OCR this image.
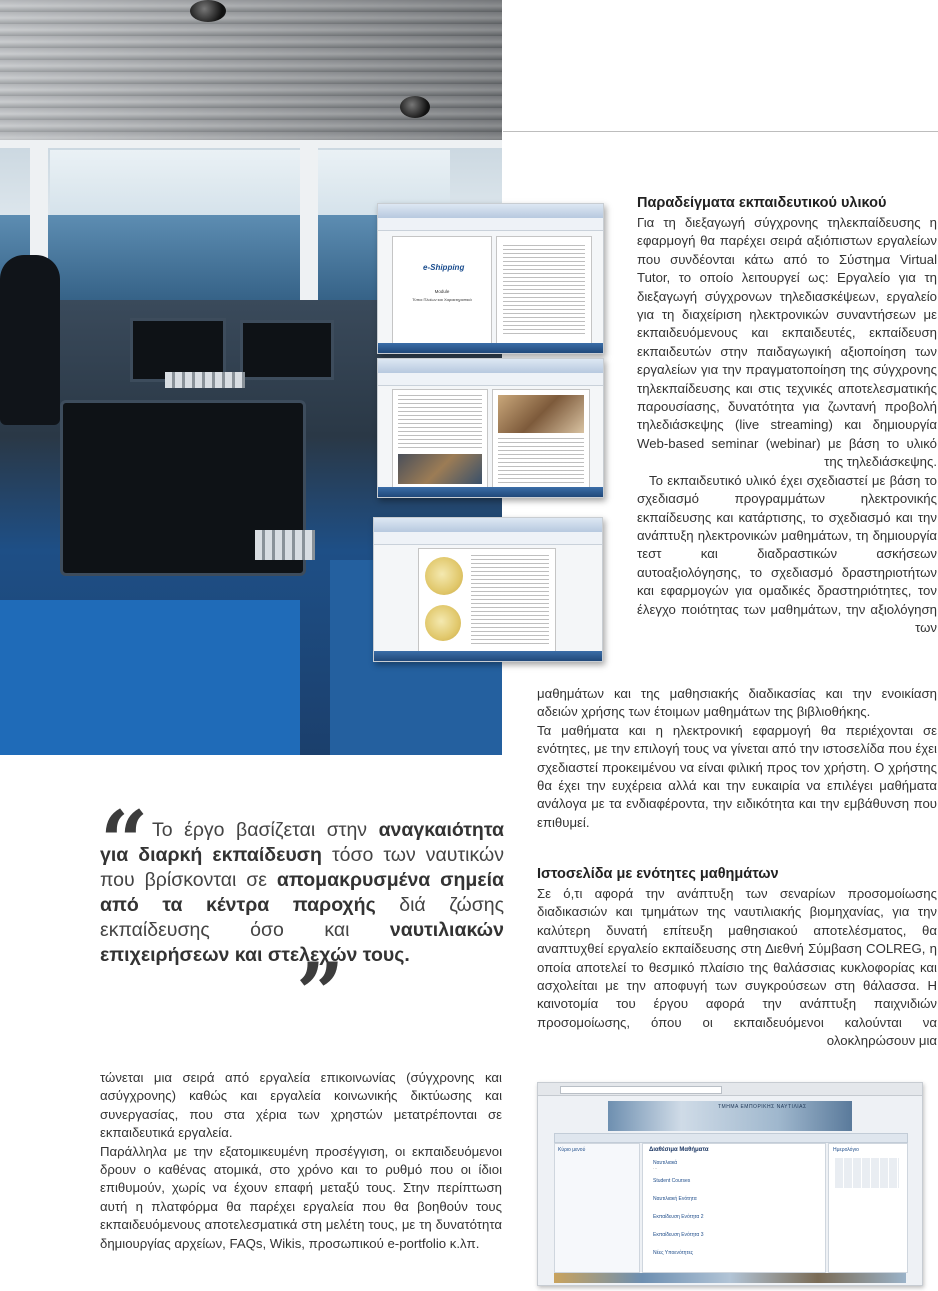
e-Shipping
Module
Τύποι Πλοίων και Χαρακτηριστικά
Παραδείγματα εκπαιδευτικού υλικού

Για τη διεξαγωγή σύγχρονης τηλεκπαίδευσης η εφαρμογή θα παρέχει σειρά αξιόπιστων εργαλείων που συνδέονται κάτω από το Σύστημα Virtual Tutor, το οποίο λειτουργεί ως: Εργαλείο για τη διεξαγωγή σύγχρονων τηλεδιασκέψεων, εργαλείο για τη διαχείριση ηλεκτρονικών συναντήσεων με εκπαιδευόμενους και εκπαιδευτές, εκπαίδευση εκπαιδευτών στην παιδαγωγική αξιοποίηση των εργαλείων για την πραγματοποίηση της σύγχρονης τηλεκπαίδευσης και στις τεχνικές αποτελεσματικής παρουσίασης, δυνατότητα για ζωντανή προβολή τηλεδιάσκεψης (live streaming) και δημιουργία Web-based seminar (webinar) με βάση το υλικό της τηλεδιάσκεψης.

Το εκπαιδευτικό υλικό έχει σχεδιαστεί με βάση το σχεδιασμό προγραμμάτων ηλεκτρονικής εκπαίδευσης και κατάρτισης, το σχεδιασμό και την ανάπτυξη ηλεκτρονικών μαθημάτων, τη δημιουργία τεστ και διαδραστικών ασκήσεων αυτοαξιολόγησης, το σχεδιασμό δραστηριοτήτων και εφαρμογών για ομαδικές δραστηριότητες, τον έλεγχο ποιότητας των μαθημάτων, την αξιολόγηση των

μαθημάτων και της μαθησιακής διαδικασίας και την ενοικίαση αδειών χρήσης των έτοιμων μαθημάτων της βιβλιοθήκης.

Τα μαθήματα και η ηλεκτρονική εφαρμογή θα περιέχονται σε ενότητες, με την επιλογή τους να γίνεται από την ιστοσελίδα που έχει σχεδιαστεί προκειμένου να είναι φιλική προς τον χρήστη. Ο χρήστης θα έχει την ευχέρεια αλλά και την ευκαιρία να επιλέγει μαθήματα ανάλογα με τα ενδιαφέροντα, την ειδικότητα και την εμβάθυνση που επιθυμεί.

Ιστοσελίδα με ενότητες μαθημάτων

Σε ό,τι αφορά την ανάπτυξη των σεναρίων προσομοίωσης διαδικασιών και τμημάτων της ναυτιλιακής βιομηχανίας, για την καλύτερη δυνατή επίτευξη μαθησιακού αποτελέσματος, θα αναπτυχθεί εργαλείο εκπαίδευσης στη Διεθνή Σύμβαση COLREG, η οποία αποτελεί το θεσμικό πλαίσιο της θαλάσσιας κυκλοφορίας και ασχολείται με την αποφυγή των συγκρούσεων στη θάλασσα. Η καινοτομία του έργου αφορά την ανάπτυξη παιχνιδιών προσομοίωσης, όπου οι εκπαιδευόμενοι καλούνται να ολοκληρώσουν μια

“ Το έργο βασίζεται στην αναγκαιότητα για διαρκή εκπαίδευση τόσο των ναυτικών που βρίσκονται σε απομακρυσμένα σημεία από τα κέντρα παροχής διά ζώσης εκπαίδευσης όσο και ναυτιλιακών επιχειρήσεων και στελεχών τους.
”

τώνεται μια σειρά από εργαλεία επικοινωνίας (σύγχρονης και ασύγχρονης) καθώς και εργαλεία κοινωνικής δικτύωσης και συνεργασίας, που στα χέρια των χρηστών μετατρέπονται σε εκπαιδευτικά εργαλεία.

Παράλληλα με την εξατομικευμένη προσέγγιση, οι εκπαιδευόμενοι δρουν ο καθένας ατομικά, στο χρόνο και το ρυθμό που οι ίδιοι επιθυμούν, χωρίς να έχουν επαφή μεταξύ τους. Στην περίπτωση αυτή η πλατφόρμα θα παρέχει εργαλεία που θα βοηθούν τους εκπαιδευόμενους αποτελεσματικά στη μελέτη τους, με τη δυνατότητα δημιουργίας αρχείων, FAQs, Wikis, προσωπικού e-portfolio κ.λπ.

ΤΜΗΜΑ ΕΜΠΟΡΙΚΗΣ ΝΑΥΤΙΛΙΑΣ
Κύριο μενού	Διαθέσιμα Μαθήματα
Ναυτιλιακά
···
Student Courses
Ναυτιλιακή Ενότητα
Εκπαίδευση Ενότητα 2
Εκπαίδευση Ενότητα 3
Νέες Υποενότητες
Ημερολόγιο
